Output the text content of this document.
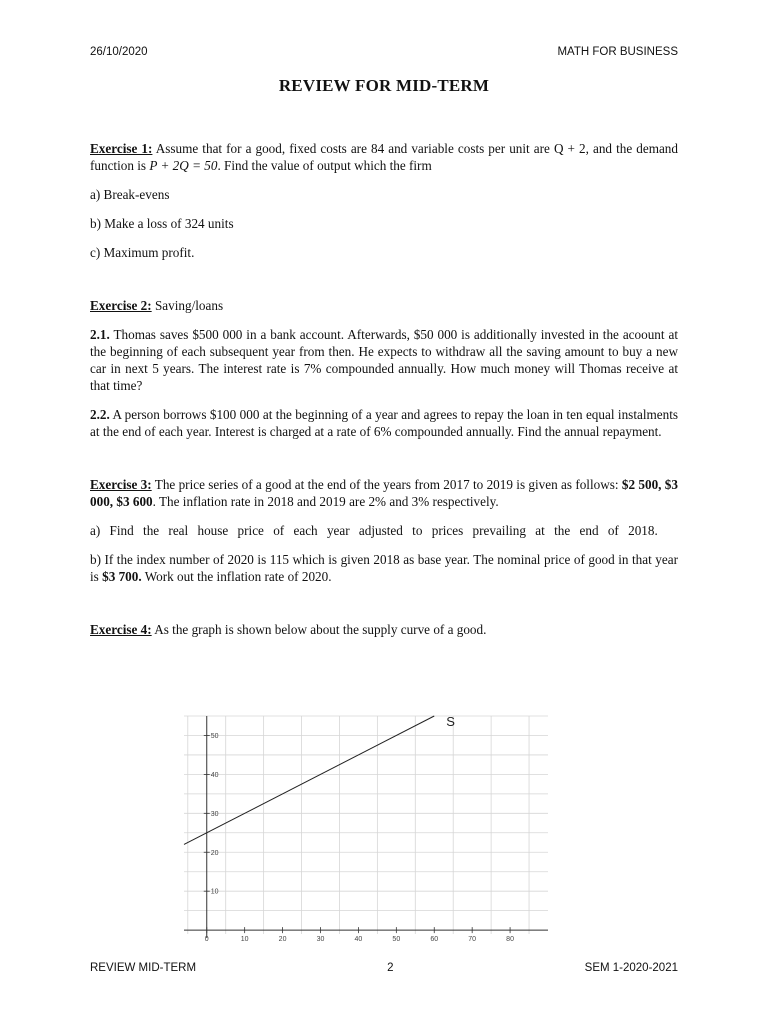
26/10/2020	MATH FOR BUSINESS
REVIEW FOR MID-TERM

Exercise 1: Assume that for a good, fixed costs are 84 and variable costs per unit are Q + 2, and the demand function is P + 2Q = 50. Find the value of output which the firm

a) Break-evens

b) Make a loss of 324 units

c) Maximum profit.

Exercise 2: Saving/loans

2.1. Thomas saves $500 000 in a bank account. Afterwards, $50 000 is additionally invested in the acoount at the beginning of each subsequent year from then. He expects to withdraw all the saving amount to buy a new car in next 5 years. The interest rate is 7% compounded annually. How much money will Thomas receive at that time?

2.2. A person borrows $100 000 at the beginning of a year and agrees to repay the loan in ten equal instalments at the end of each year. Interest is charged at a rate of 6% compounded annually. Find the annual repayment.

Exercise 3: The price series of a good at the end of the years from 2017 to 2019 is given as follows: $2 500, $3 000, $3 600. The inflation rate in 2018 and 2019 are 2% and 3% respectively.

a) Find the real house price of each year adjusted to prices prevailing at the end of 2018.

b) If the index number of 2020 is 115 which is given 2018 as base year. The nominal price of good in that year is $3 700. Work out the inflation rate of 2020.

Exercise 4: As the graph is shown below about the supply curve of a good.

0	10	20	30	40	50	60	70	80
10
20
30
40
50
S
REVIEW MID-TERM	2	SEM 1-2020-2021
